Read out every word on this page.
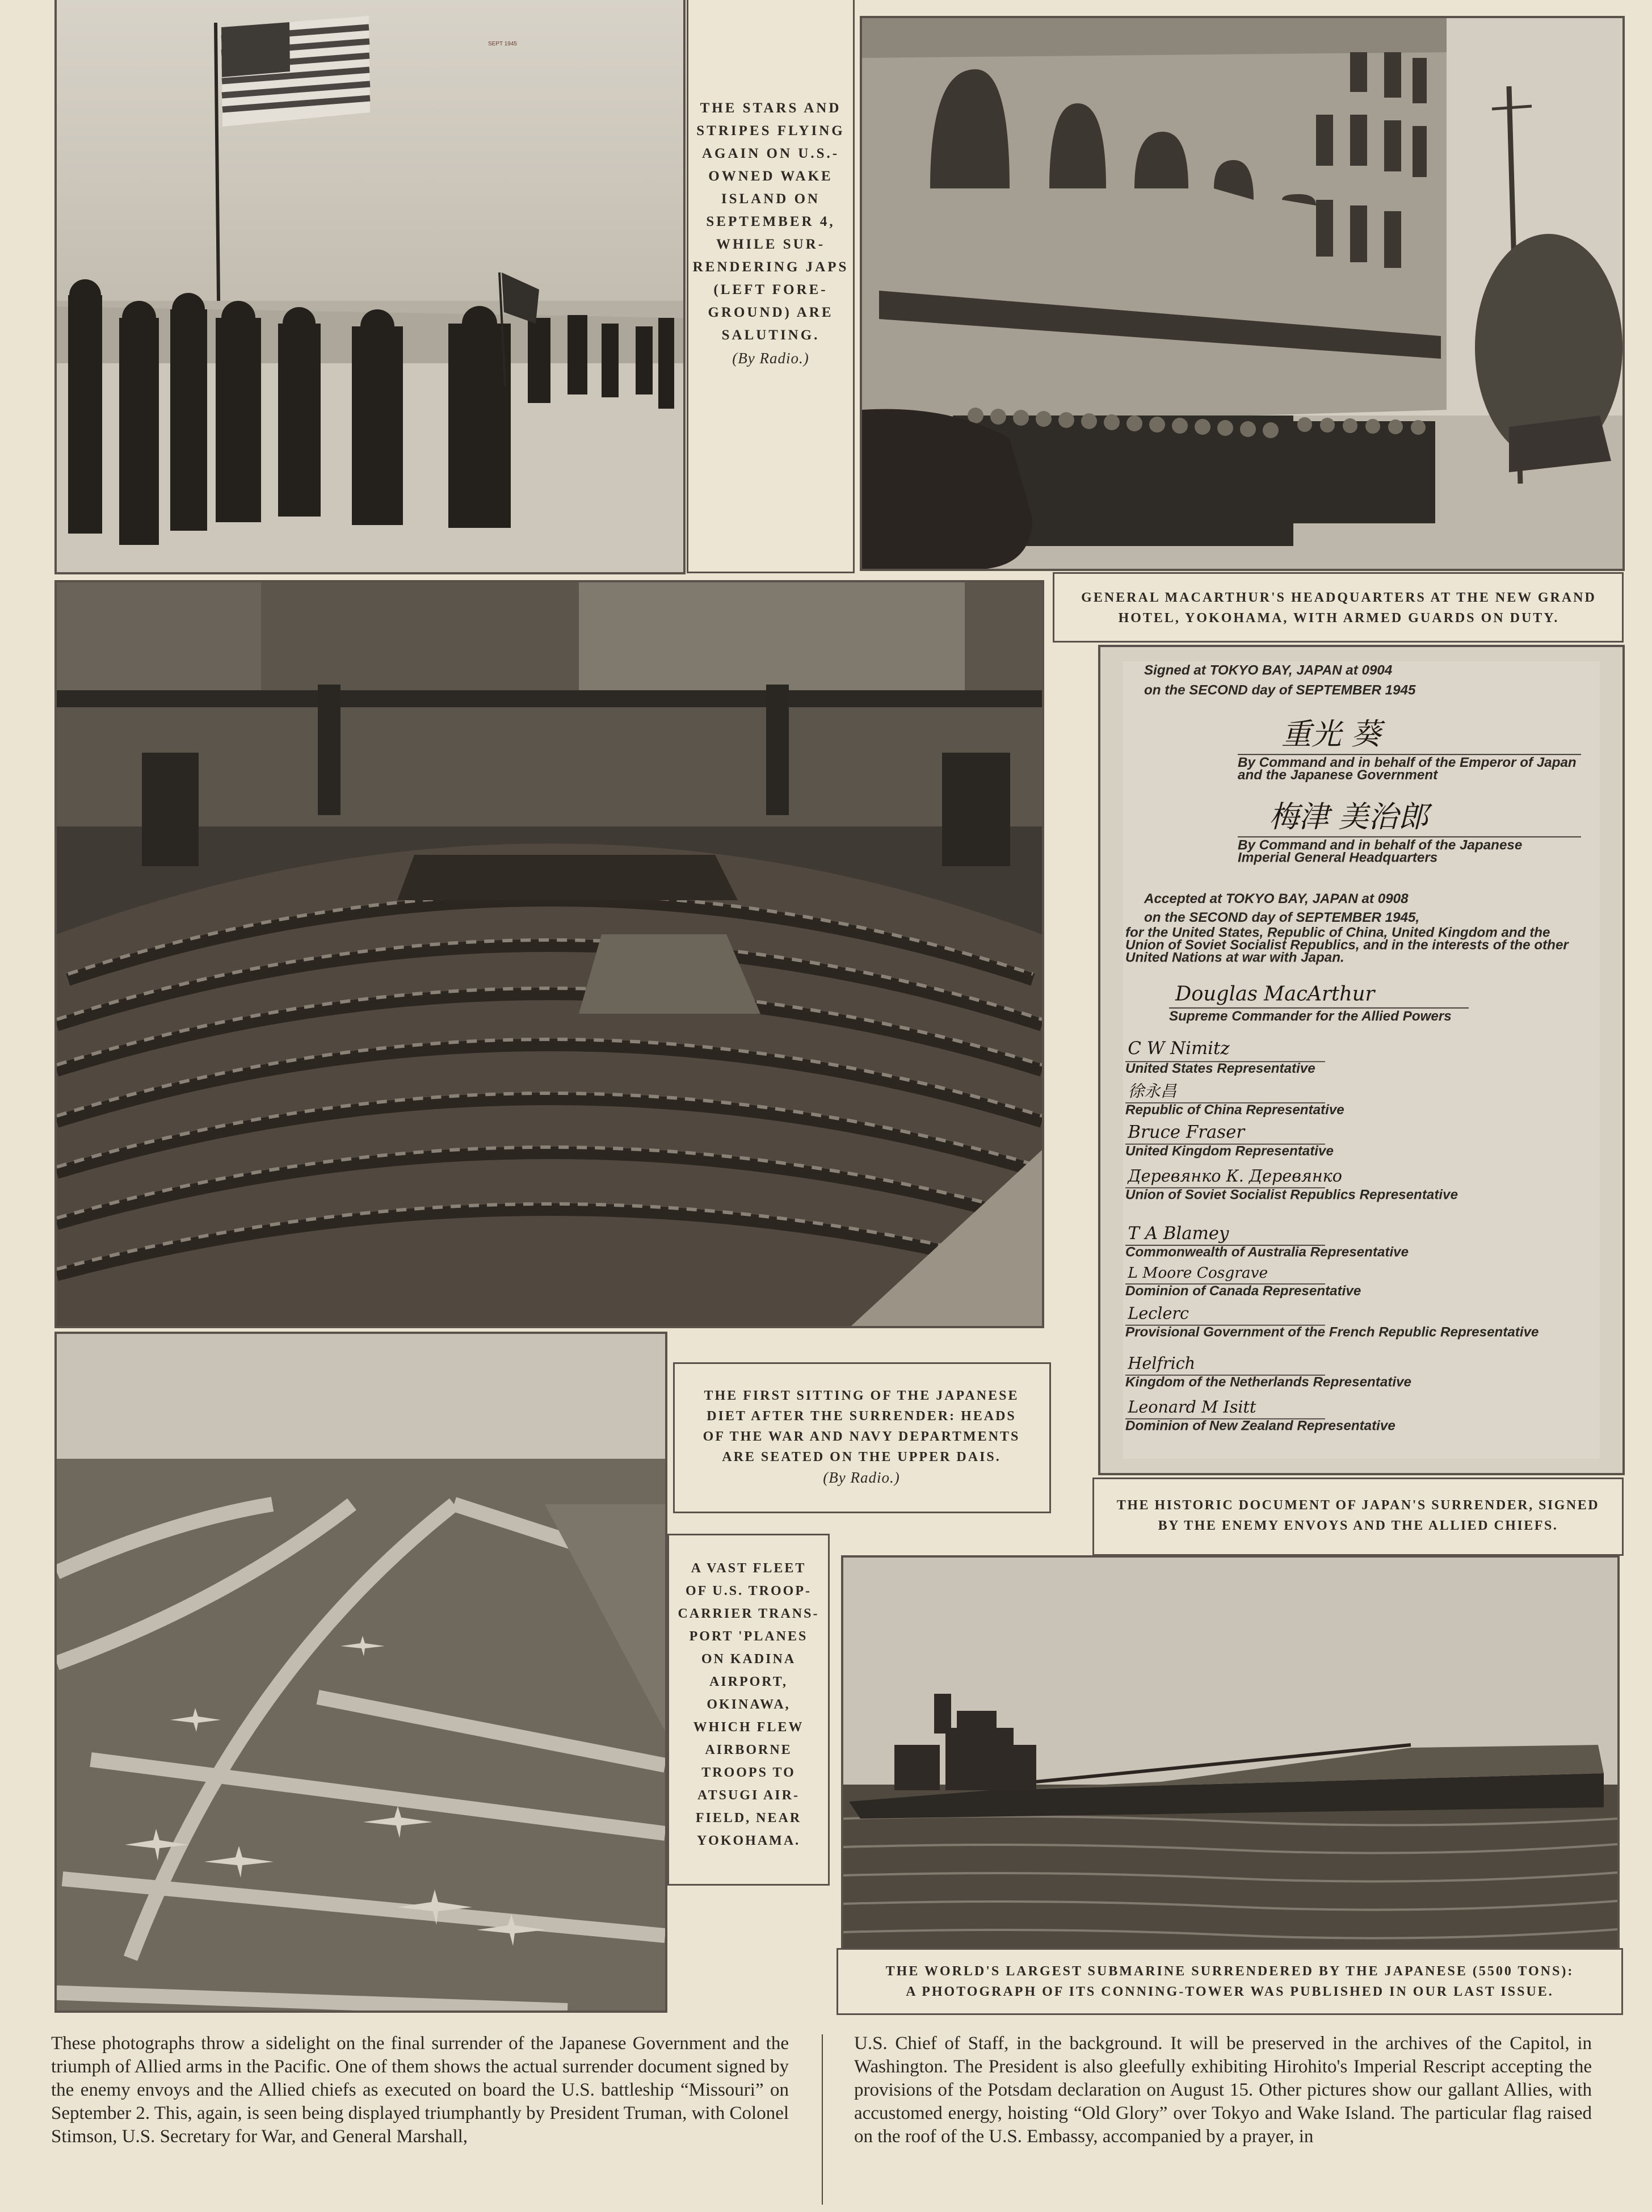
SEPT 1945
THE STARS AND
STRIPES FLYING
AGAIN ON U.S.-
OWNED WAKE
ISLAND ON
SEPTEMBER 4,
WHILE SUR-
RENDERING JAPS
(LEFT FORE-
GROUND) ARE
SALUTING.
(By Radio.)
GENERAL MACARTHUR'S HEADQUARTERS AT THE NEW GRAND
HOTEL, YOKOHAMA, WITH ARMED GUARDS ON DUTY.
THE FIRST SITTING OF THE JAPANESE
DIET AFTER THE SURRENDER: HEADS
OF THE WAR AND NAVY DEPARTMENTS
ARE SEATED ON THE UPPER DAIS.
(By Radio.)
Signed at TOKYO BAY, JAPAN at 0904
on the SECOND day of SEPTEMBER 1945
重光 葵
By Command and in behalf of the Emperor of Japan
and the Japanese Government
梅津 美治郎
By Command and in behalf of the Japanese
Imperial General Headquarters
Accepted at TOKYO BAY, JAPAN at 0908
on the SECOND day of SEPTEMBER 1945,
for the United States, Republic of China, United Kingdom and the
Union of Soviet Socialist Republics, and in the interests of the other
United Nations at war with Japan.
Douglas MacArthur
Supreme Commander for the Allied Powers
C W Nimitz
United States Representative
徐永昌
Republic of China Representative
Bruce Fraser
United Kingdom Representative
Деревянко К. Деревянко
Union of Soviet Socialist Republics Representative
T A Blamey
Commonwealth of Australia Representative
L Moore Cosgrave
Dominion of Canada Representative
Leclerc
Provisional Government of the French Republic Representative
Helfrich
Kingdom of the Netherlands Representative
Leonard M Isitt
Dominion of New Zealand Representative
THE HISTORIC DOCUMENT OF JAPAN'S SURRENDER, SIGNED
BY THE ENEMY ENVOYS AND THE ALLIED CHIEFS.
A VAST FLEET
OF U.S. TROOP-
CARRIER TRANS-
PORT 'PLANES
ON KADINA
AIRPORT,
OKINAWA,
WHICH FLEW
AIRBORNE
TROOPS TO
ATSUGI AIR-
FIELD, NEAR
YOKOHAMA.
THE WORLD'S LARGEST SUBMARINE SURRENDERED BY THE JAPANESE (5500 TONS):
A PHOTOGRAPH OF ITS CONNING-TOWER WAS PUBLISHED IN OUR LAST ISSUE.
These photographs throw a sidelight on the final surrender of the Japanese Government and the triumph of Allied arms in the Pacific. One of them shows the actual surrender document signed by the enemy envoys and the Allied chiefs as executed on board the U.S. battleship “Missouri” on September 2. This, again, is seen being displayed triumphantly by President Truman, with Colonel Stimson, U.S. Secretary for War, and General Marshall,
U.S. Chief of Staff, in the background. It will be preserved in the archives of the Capitol, in Washington. The President is also gleefully exhibiting Hirohito's Imperial Rescript accepting the provisions of the Potsdam declaration on August 15. Other pictures show our gallant Allies, with accustomed energy, hoisting “Old Glory” over Tokyo and Wake Island. The particular flag raised on the roof of the U.S. Embassy, accompanied by a prayer, in
